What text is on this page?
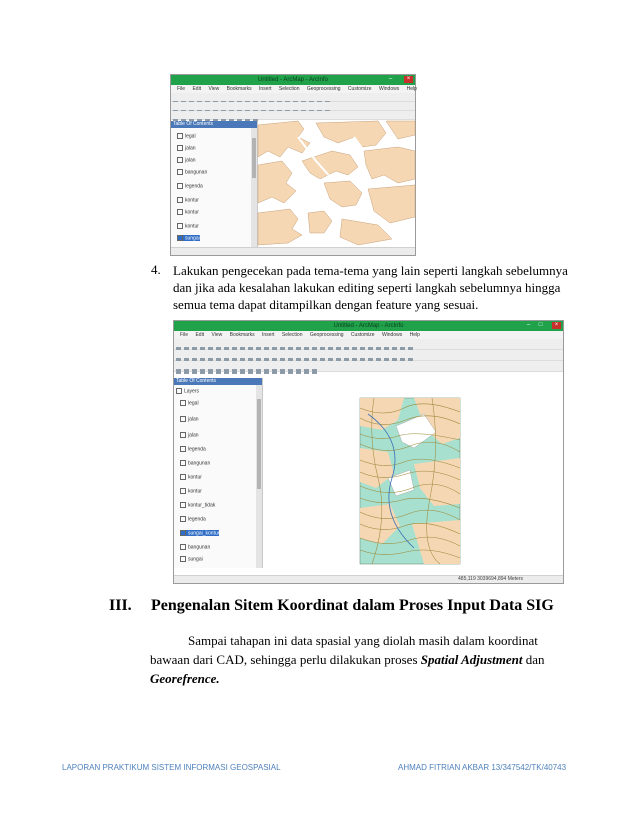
Untitled - ArcMap - ArcInfo	–	×
File Edit View Bookmarks Insert Selection Geoprocessing Customize Windows Help
Table Of Contents
legal
jalan
jalan
bangunan
legenda
kontur
kontur
kontur
sungai
4. Lakukan pengecekan pada tema-tema yang lain seperti langkah sebelumnya dan jika ada kesalahan lakukan editing seperti langkah sebelumnya hingga semua tema dapat ditampilkan dengan feature yang sesuai.
Untitled - ArcMap - ArcInfo	–	□	×
File Edit View Bookmarks Insert Selection Geoprocessing Customize Windows Help
Table Of Contents
Layers
legal
jalan
jalan
legenda
bangunan
kontur
kontur
kontur_tidak
legenda
sungai_kontur
bangunan
sungai
485,119 3039694,894 Meters
III. Pengenalan Sitem Koordinat dalam Proses Input Data SIG
Sampai tahapan ini data spasial yang diolah masih dalam koordinat bawaan dari CAD, sehingga perlu dilakukan proses Spatial Adjustment dan Georefrence.
LAPORAN PRAKTIKUM SISTEM INFORMASI GEOSPASIAL	AHMAD FITRIAN AKBAR 13/347542/TK/40743
